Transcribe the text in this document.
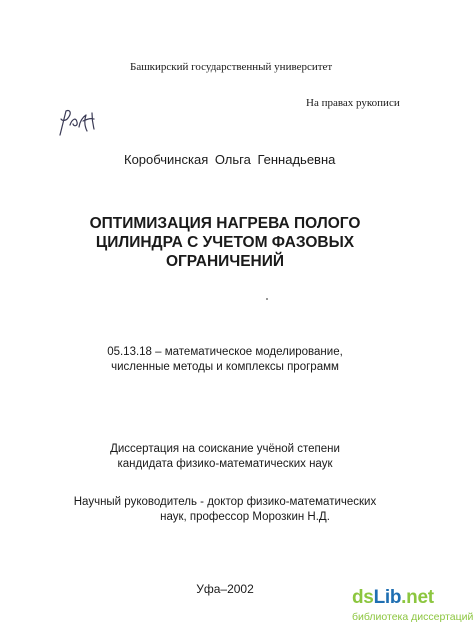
Башкирский государственный университет
На правах рукописи
Коробчинская Ольга Геннадьевна
ОПТИМИЗАЦИЯ НАГРЕВА ПОЛОГО
ЦИЛИНДРА С УЧЕТОМ ФАЗОВЫХ
ОГРАНИЧЕНИЙ
05.13.18 – математическое моделирование,
численные методы и комплексы программ
Диссертация на соискание учёной степени
кандидата физико-математических наук
Научный руководитель - доктор физико-математических
наук, профессор Морозкин Н.Д.
Уфа–2002	dsLib.net
библиотека диссертаций
